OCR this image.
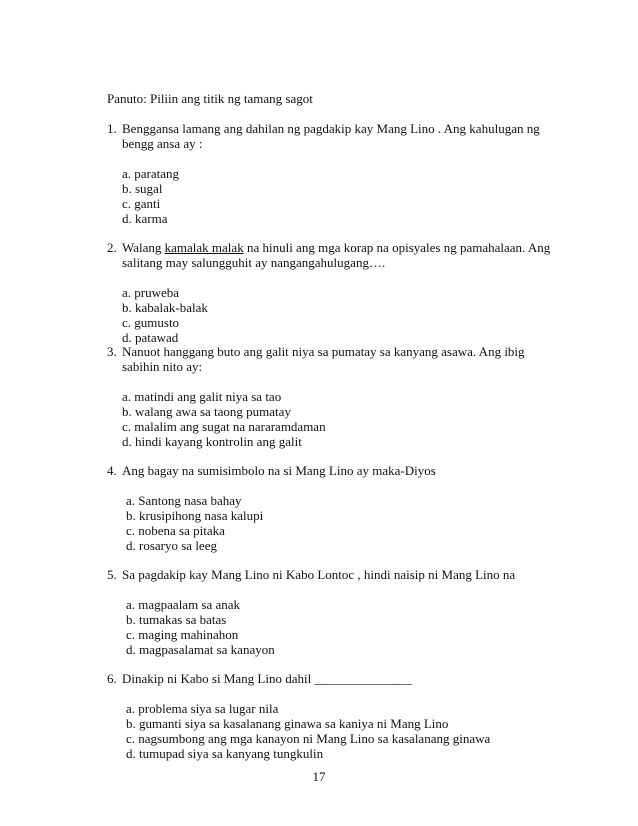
Panuto: Piliin ang titik ng tamang sagot
1. Benggansa lamang ang dahilan ng pagdakip kay Mang Lino . Ang kahulugan ng
bengg ansa ay :
a. paratang
b. sugal
c. ganti
d. karma
2. Walang kamalak malak na hinuli ang mga korap na opisyales ng pamahalaan. Ang
salitang may salungguhit ay nangangahulugang….
a. pruweba
b. kabalak-balak
c. gumusto
d. patawad
3. Nanuot hanggang buto ang galit niya sa pumatay sa kanyang asawa. Ang ibig
sabihin nito ay:
a. matindi ang galit niya sa tao
b. walang awa sa taong pumatay
c. malalim ang sugat na nararamdaman
d. hindi kayang kontrolin ang galit
4. Ang bagay na sumisimbolo na si Mang Lino ay maka-Diyos
a. Santong nasa bahay
b. krusipihong nasa kalupi
c. nobena sa pitaka
d. rosaryo sa leeg
5. Sa pagdakip kay Mang Lino ni Kabo Lontoc , hindi naisip ni Mang Lino na
a. magpaalam sa anak
b. tumakas sa batas
c. maging mahinahon
d. magpasalamat sa kanayon
6. Dinakip ni Kabo si Mang Lino dahil _______________
a. problema siya sa lugar nila
b. gumanti siya sa kasalanang ginawa sa kaniya ni Mang Lino
c. nagsumbong ang mga kanayon ni Mang Lino sa kasalanang ginawa
d. tumupad siya sa kanyang tungkulin
17
